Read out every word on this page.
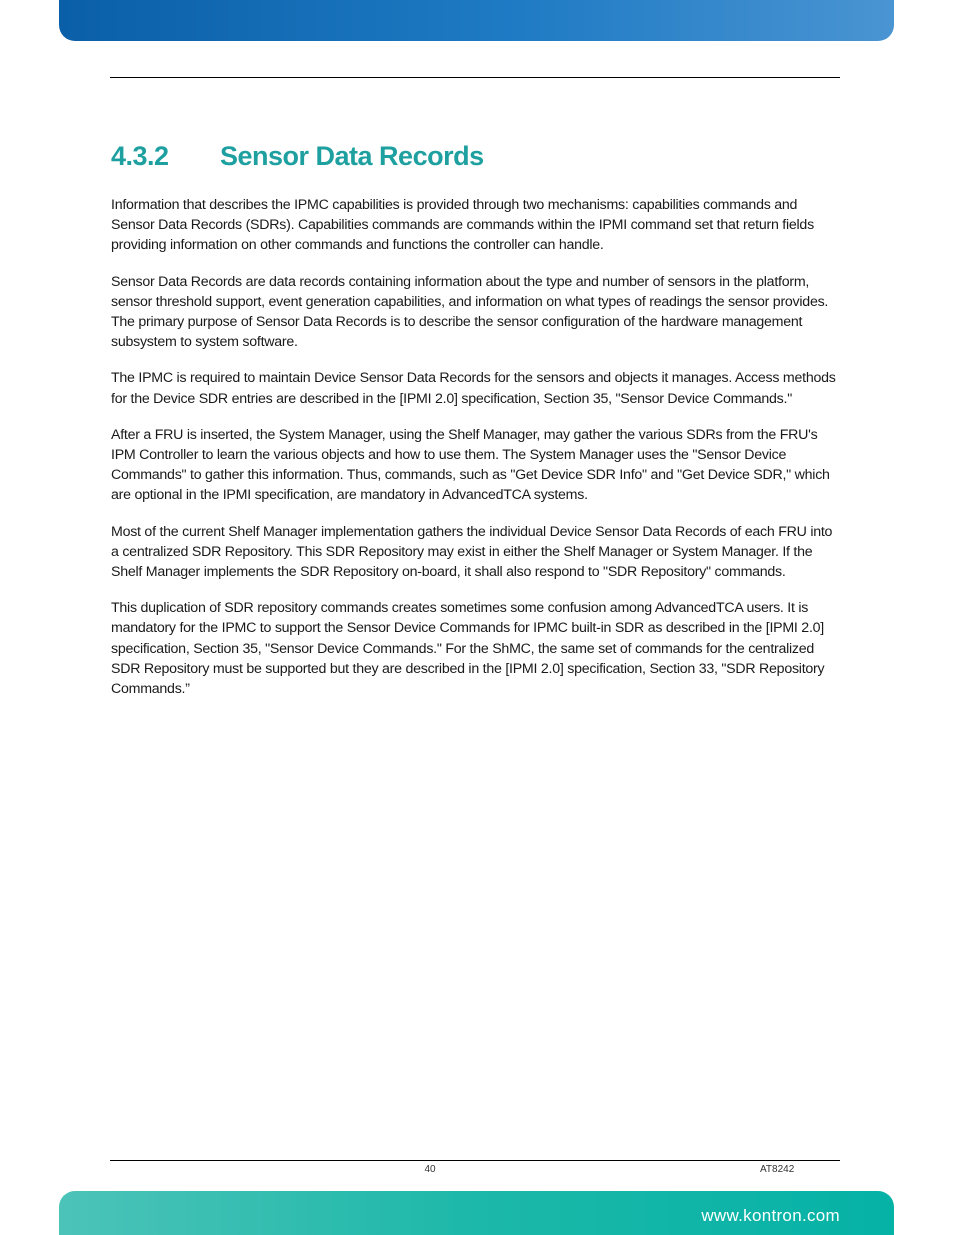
4.3.2 Sensor Data Records

Information that describes the IPMC capabilities is provided through two mechanisms: capabilities commands and Sensor Data Records (SDRs). Capabilities commands are commands within the IPMI command set that return fields providing information on other commands and functions the controller can handle.

Sensor Data Records are data records containing information about the type and number of sensors in the platform, sensor threshold support, event generation capabilities, and information on what types of readings the sensor provides. The primary purpose of Sensor Data Records is to describe the sensor configuration of the hardware management subsystem to system software.

The IPMC is required to maintain Device Sensor Data Records for the sensors and objects it manages. Access methods for the Device SDR entries are described in the [IPMI 2.0] specification, Section 35, "Sensor Device Commands."

After a FRU is inserted, the System Manager, using the Shelf Manager, may gather the various SDRs from the FRU's IPM Controller to learn the various objects and how to use them. The System Manager uses the "Sensor Device Commands" to gather this information. Thus, commands, such as "Get Device SDR Info" and "Get Device SDR," which are optional in the IPMI specification, are mandatory in AdvancedTCA systems.

Most of the current Shelf Manager implementation gathers the individual Device Sensor Data Records of each FRU into a centralized SDR Repository. This SDR Repository may exist in either the Shelf Manager or System Manager. If the Shelf Manager implements the SDR Repository on-board, it shall also respond to "SDR Repository" commands.

This duplication of SDR repository commands creates sometimes some confusion among AdvancedTCA users. It is mandatory for the IPMC to support the Sensor Device Commands for IPMC built-in SDR as described in the [IPMI 2.0] specification, Section 35, "Sensor Device Commands." For the ShMC, the same set of commands for the centralized SDR Repository must be supported but they are described in the [IPMI 2.0] specification, Section 33, "SDR Repository Commands.”

40	AT8242
www.kontron.com
